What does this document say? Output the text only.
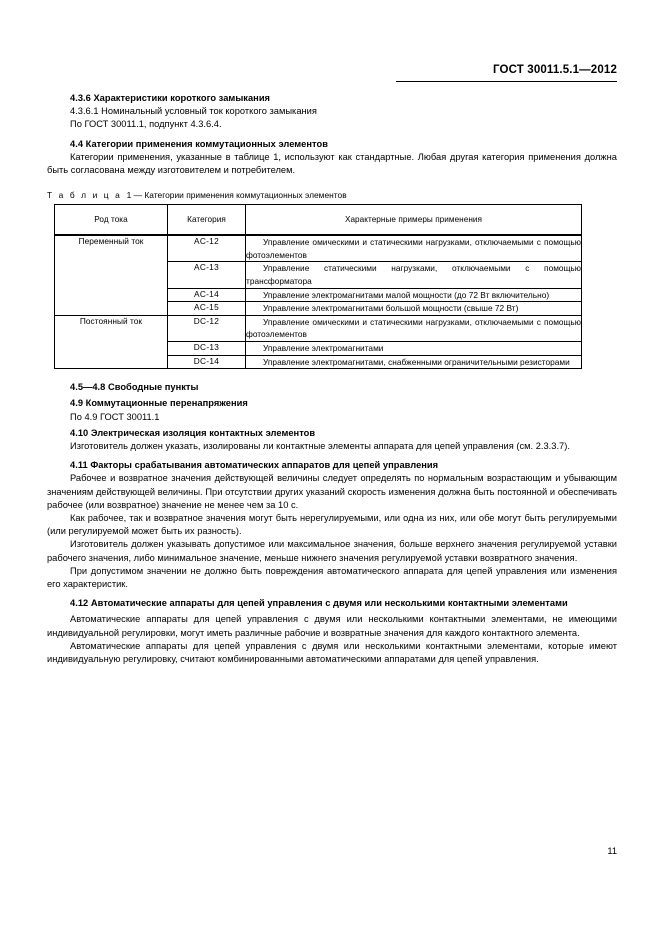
ГОСТ 30011.5.1—2012
4.3.6 Характеристики короткого замыкания

4.3.6.1 Номинальный условный ток короткого замыкания

По ГОСТ 30011.1, подпункт 4.3.6.4.

4.4 Категории применения коммутационных элементов

Категории применения, указанные в таблице 1, используют как стандартные. Любая другая категория применения должна быть согласована между изготовителем и потребителем.

Т а б л и ц а 1 — Категории применения коммутационных элементов

Род тока	Категория	Характерные примеры применения
Переменный ток	AC-12	Управление омическими и статическими нагрузками, отключаемыми с помощью фотоэлементов
	AC-13	Управление статическими нагрузками, отключаемыми с помощью трансформатора
	AC-14	Управление электромагнитами малой мощности (до 72 Вт включительно)
	AC-15	Управление электромагнитами большой мощности (свыше 72 Вт)
Постоянный ток	DC-12	Управление омическими и статическими нагрузками, отключаемыми с помощью фотоэлементов
	DC-13	Управление электромагнитами
	DC-14	Управление электромагнитами, снабженными ограничительными резисторами
4.5—4.8 Свободные пункты
4.9 Коммутационные перенапряжения

По 4.9 ГОСТ 30011.1

4.10 Электрическая изоляция контактных элементов

Изготовитель должен указать, изолированы ли контактные элементы аппарата для цепей управления (см. 2.3.3.7).

4.11 Факторы срабатывания автоматических аппаратов для цепей управления

Рабочее и возвратное значения действующей величины следует определять по нормальным возрастающим и убывающим значениям действующей величины. При отсутствии других указаний скорость изменения должна быть постоянной и обеспечивать рабочее (или возвратное) значение не менее чем за 10 с.

Как рабочее, так и возвратное значения могут быть нерегулируемыми, или одна из них, или обе могут быть регулируемыми (или регулируемой может быть их разность).

Изготовитель должен указывать допустимое или максимальное значения, больше верхнего значения регулируемой уставки рабочего значения, либо минимальное значение, меньше нижнего значения регулируемой уставки возвратного значения.

При допустимом значении не должно быть повреждения автоматического аппарата для цепей управления или изменения его характеристик.

4.12 Автоматические аппараты для цепей управления с двумя или несколькими контактными элементами

Автоматические аппараты для цепей управления с двумя или несколькими контактными элементами, не имеющими индивидуальной регулировки, могут иметь различные рабочие и возвратные значения для каждого контактного элемента.

Автоматические аппараты для цепей управления с двумя или несколькими контактными элементами, которые имеют индивидуальную регулировку, считают комбинированными автоматическими аппаратами для цепей управления.

11
